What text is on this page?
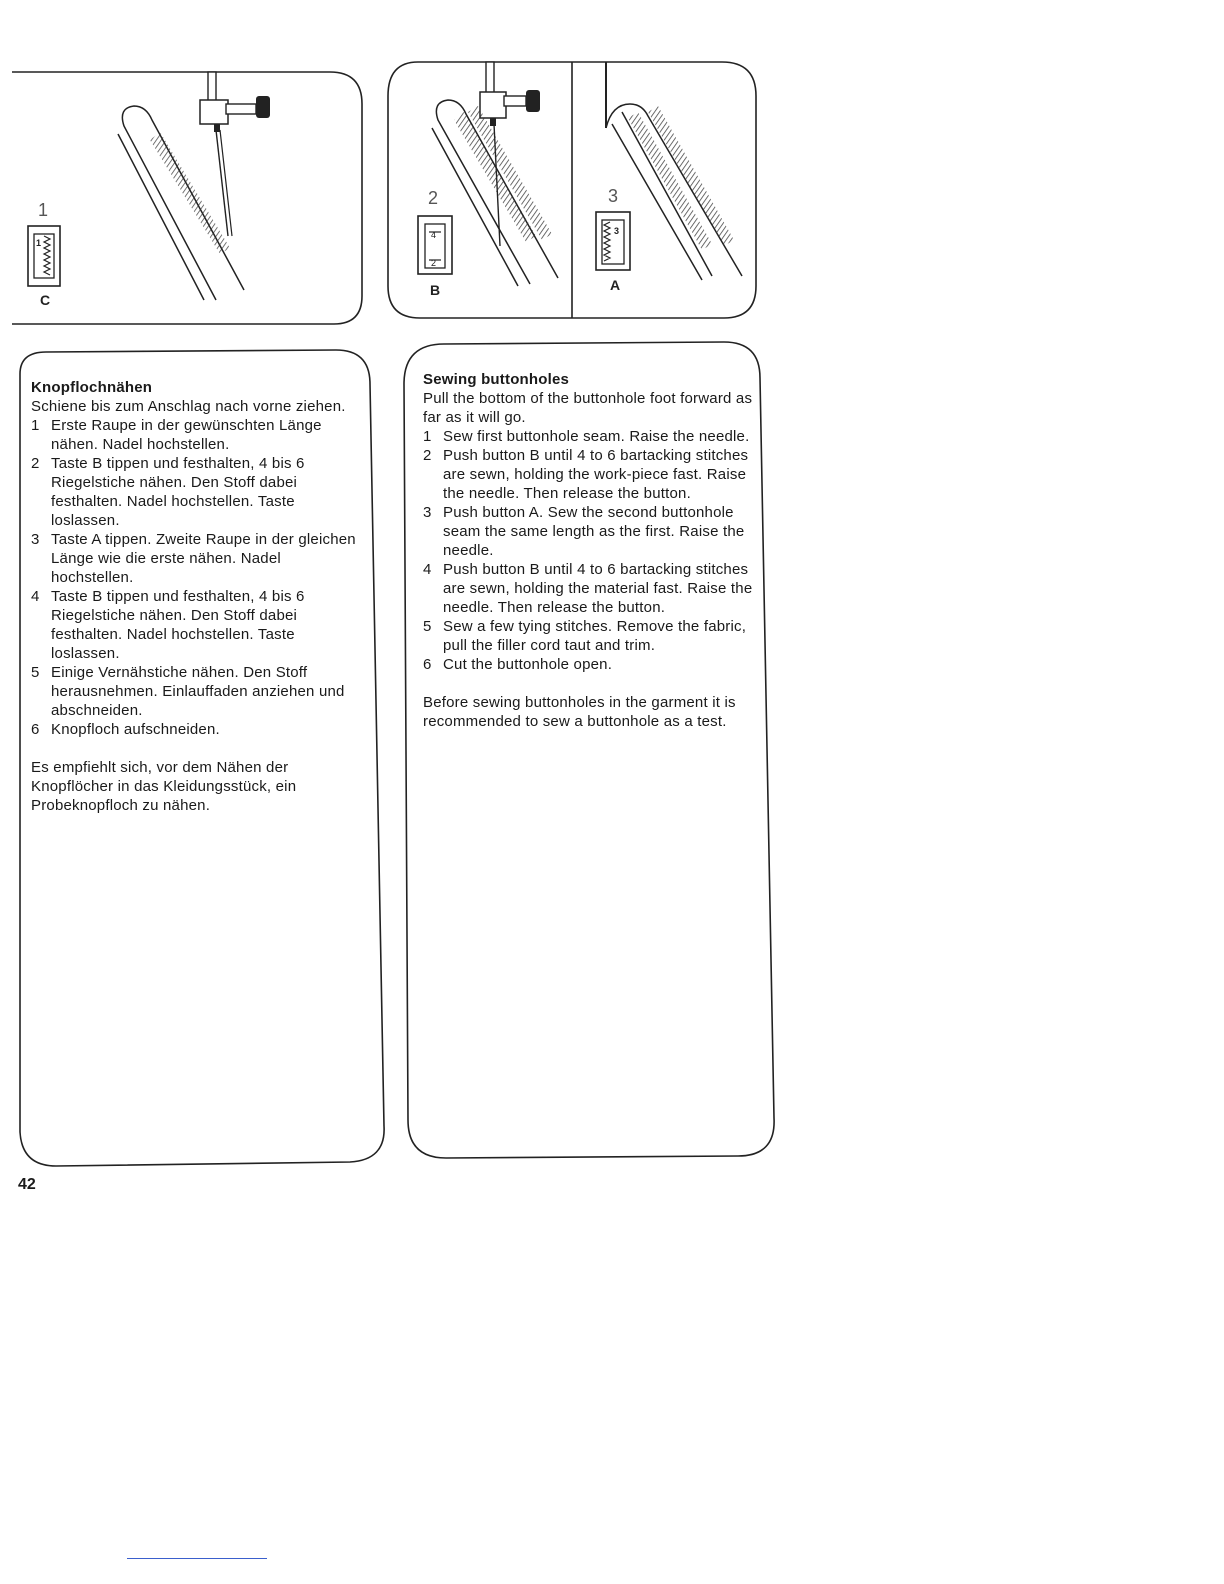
1
1
C
2
4
2
B
3
3
A
Knopflochnähen

Schiene bis zum Anschlag nach vorne ziehen.

1 Erste Raupe in der gewünschten Länge nähen. Nadel hochstellen.
2 Taste B tippen und festhalten, 4 bis 6 Riegelstiche nähen. Den Stoff dabei festhalten. Nadel hochstellen. Taste loslassen.
3 Taste A tippen. Zweite Raupe in der gleichen Länge wie die erste nähen. Nadel hochstellen.
4 Taste B tippen und festhalten, 4 bis 6 Riegelstiche nähen. Den Stoff dabei festhalten. Nadel hochstellen. Taste loslassen.
5 Einige Vernähstiche nähen. Den Stoff herausnehmen. Einlauffaden anziehen und abschneiden.
6 Knopfloch aufschneiden.

Es empfiehlt sich, vor dem Nähen der Knopflöcher in das Kleidungsstück, ein Probeknopfloch zu nähen.

Sewing buttonholes

Pull the bottom of the buttonhole foot forward as far as it will go.

1 Sew first buttonhole seam. Raise the needle.
2 Push button B until 4 to 6 bartacking stitches are sewn, holding the work-piece fast. Raise the needle. Then release the button.
3 Push button A. Sew the second buttonhole seam the same length as the first. Raise the needle.
4 Push button B until 4 to 6 bartacking stitches are sewn, holding the material fast. Raise the needle. Then release the button.
5 Sew a few tying stitches. Remove the fabric, pull the filler cord taut and trim.
6 Cut the buttonhole open.

Before sewing buttonholes in the garment it is recommended to sew a buttonhole as a test.

42
